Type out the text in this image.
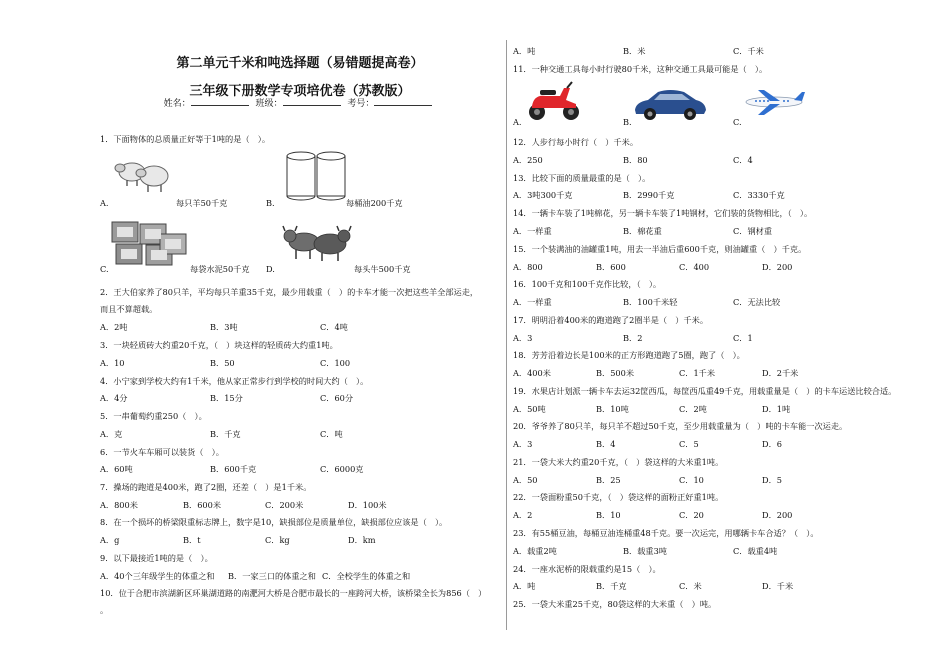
第二单元千米和吨选择题（易错题提高卷）
三年级下册数学专项培优卷（苏教版）
姓名：	班级：	考号：
1．下面物体的总质量正好等于1吨的是（　）。
A.	每只羊50千克	B.	每桶油200千克
C.	每袋水泥50千克 D.	每头牛500千克
2．王大伯家养了80只羊，平均每只羊重35千克，最少用载重（　）的卡车才能一次把这些羊全部运走，
而且不算超载。
A．2吨	B．3吨	C．4吨
3．一块轻质砖大约重20千克，（　）块这样的轻质砖大约重1吨。
A．10	B．50	C．100
4．小宁家到学校大约有1千米，他从家正常步行到学校的时间大约（　）。
A．4分	B．15分	C．60分
5．一串葡萄约重250（　）。
A．克	B．千克	C．吨
6．一节火车车厢可以装货（　）。
A．60吨	B．600千克	C．6000克
7．操场的跑道是400米，跑了2圈，还差（　）是1千米。
A．800米	B．600米	C．200米	D．100米
8．在一个损坏的桥梁限重标志牌上，数字是10，缺损部位是质量单位，缺损部位应该是（　）。
A．g	B．t	C．kg	D．km
9．以下最接近1吨的是（　）。
A．40个三年级学生的体重之和 B．一家三口的体重之和 C．全校学生的体重之和
10．位于合肥市滨湖新区环巢湖道路的南淝河大桥是合肥市最长的一座跨河大桥，该桥梁全长为856（　）
。
A．吨	B．米	C．千米
11．一种交通工具每小时行驶80千米，这种交通工具最可能是（　）。
A.	B.	C.
12．人步行每小时行（　）千米。
A．250	B．80	C．4
13．比较下面的质量最重的是（　）。
A．3吨300千克	B．2990千克	C．3330千克
14．一辆卡车装了1吨棉花，另一辆卡车装了1吨钢材，它们装的货物相比，（　）。
A．一样重	B．棉花重	C．钢材重
15．一个装满油的油罐重1吨，用去一半油后重600千克，则油罐重（　）千克。
A．800	B．600	C．400	D．200
16．100千克和100千克作比较，（　）。
A．一样重	B．100千米轻	C．无法比较
17．明明沿着400米的跑道跑了2圈半是（　）千米。
A．3	B．2	C．1
18．芳芳沿着边长是100米的正方形跑道跑了5圈，跑了（　）。
A．400米	B．500米	C．1千米	D．2千米
19．水果店计划派一辆卡车去运32筐西瓜，每筐西瓜重49千克，用载重量是（　）的卡车运送比较合适。
A．50吨	B．10吨	C．2吨	D．1吨
20．爷爷养了80只羊，每只羊不超过50千克，至少用载重量为（　）吨的卡车能一次运走。
A．3	B．4	C．5	D．6
21．一袋大米大约重20千克，（　）袋这样的大米重1吨。
A．50	B．25	C．10	D．5
22．一袋面粉重50千克，（　）袋这样的面粉正好重1吨。
A．2	B．10	C．20	D．200
23．有55桶豆油，每桶豆油连桶重48千克。要一次运完，用哪辆卡车合适？（　）。
A．载重2吨	B．载重3吨	C．载重4吨
24．一座水泥桥的限载重约是15（　）。
A．吨	B．千克	C．米	D．千米
25．一袋大米重25千克，80袋这样的大米重（　）吨。
